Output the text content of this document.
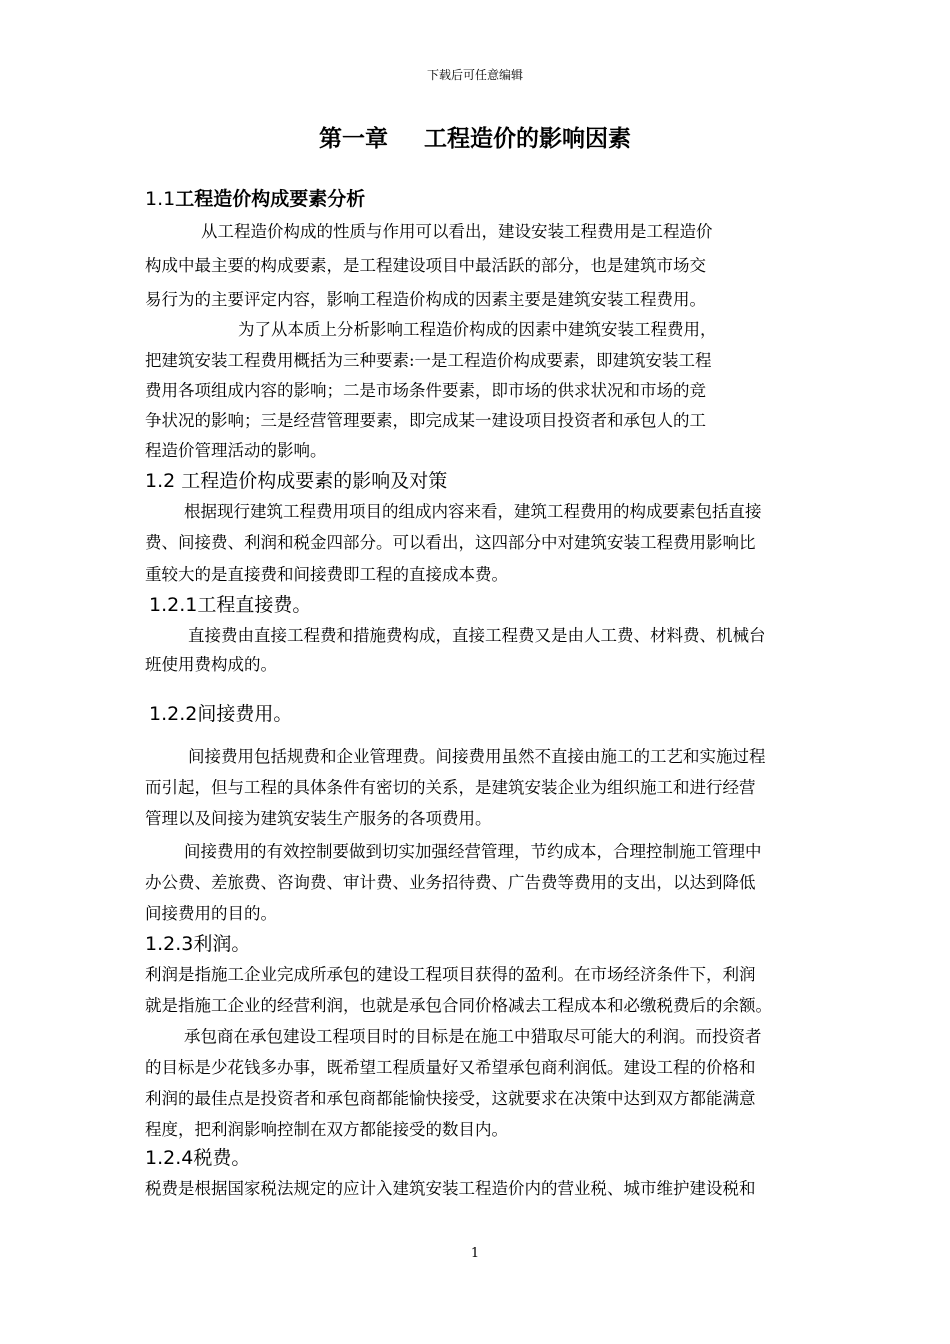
下载后可任意编辑
第一章 工程造价的影响因素
1.1工程造价构成要素分析
从工程造价构成的性质与作用可以看出，建设安装工程费用是工程造价
构成中最主要的构成要素，是工程建设项目中最活跃的部分，也是建筑市场交
易行为的主要评定内容，影响工程造价构成的因素主要是建筑安装工程费用。
为了从本质上分析影响工程造价构成的因素中建筑安装工程费用，
把建筑安装工程费用概括为三种要素:一是工程造价构成要素，即建筑安装工程
费用各项组成内容的影响；二是市场条件要素，即市场的供求状况和市场的竞
争状况的影响；三是经营管理要素，即完成某一建设项目投资者和承包人的工
程造价管理活动的影响。
1.2 工程造价构成要素的影响及对策
根据现行建筑工程费用项目的组成内容来看，建筑工程费用的构成要素包括直接
费、间接费、利润和税金四部分。可以看出，这四部分中对建筑安装工程费用影响比
重较大的是直接费和间接费即工程的直接成本费。
1.2.1工程直接费。
直接费由直接工程费和措施费构成，直接工程费又是由人工费、材料费、机械台
班使用费构成的。
1.2.2间接费用。
间接费用包括规费和企业管理费。间接费用虽然不直接由施工的工艺和实施过程
而引起，但与工程的具体条件有密切的关系，是建筑安装企业为组织施工和进行经营
管理以及间接为建筑安装生产服务的各项费用。
间接费用的有效控制要做到切实加强经营管理，节约成本，合理控制施工管理中
办公费、差旅费、咨询费、审计费、业务招待费、广告费等费用的支出，以达到降低
间接费用的目的。
1.2.3利润。
利润是指施工企业完成所承包的建设工程项目获得的盈利。在市场经济条件下，利润
就是指施工企业的经营利润，也就是承包合同价格减去工程成本和必缴税费后的余额。
承包商在承包建设工程项目时的目标是在施工中猎取尽可能大的利润。而投资者
的目标是少花钱多办事，既希望工程质量好又希望承包商利润低。建设工程的价格和
利润的最佳点是投资者和承包商都能愉快接受，这就要求在决策中达到双方都能满意
程度，把利润影响控制在双方都能接受的数目内。
1.2.4税费。
税费是根据国家税法规定的应计入建筑安装工程造价内的营业税、城市维护建设税和
1
